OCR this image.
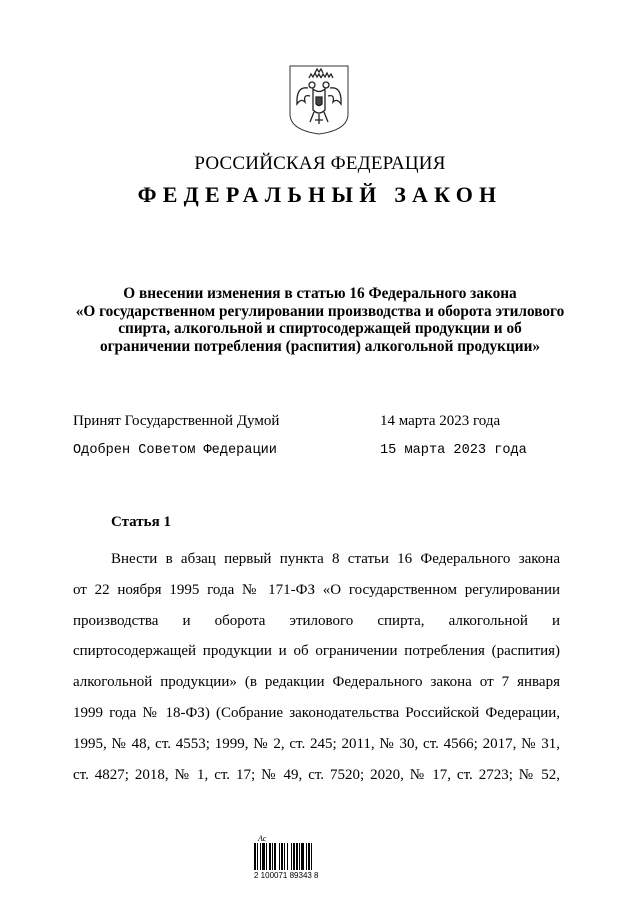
РОССИЙСКАЯ ФЕДЕРАЦИЯ
ФЕДЕРАЛЬНЫЙ ЗАКОН
О внесении изменения в статью 16 Федерального закона
«О государственном регулировании производства и оборота этилового
спирта, алкогольной и спиртосодержащей продукции и об
ограничении потребления (распития) алкогольной продукции»
Принят Государственной Думой	14 марта 2023 года
Одобрен Советом Федерации	15 марта 2023 года
Статья 1
Внести в абзац первый пункта 8 статьи 16 Федерального закона
от 22 ноября 1995 года № 171-ФЗ «О государственном регулировании
производства и оборота этилового спирта, алкогольной и
спиртосодержащей продукции и об ограничении потребления (распития)
алкогольной продукции» (в редакции Федерального закона от 7 января
1999 года № 18-ФЗ) (Собрание законодательства Российской Федерации,
1995, № 48, ст. 4553; 1999, № 2, ст. 245; 2011, № 30, ст. 4566; 2017, № 31,
ст. 4827; 2018, № 1, ст. 17; № 49, ст. 7520; 2020, № 17, ст. 2723; № 52,
Ас
2 100071 89343 8
